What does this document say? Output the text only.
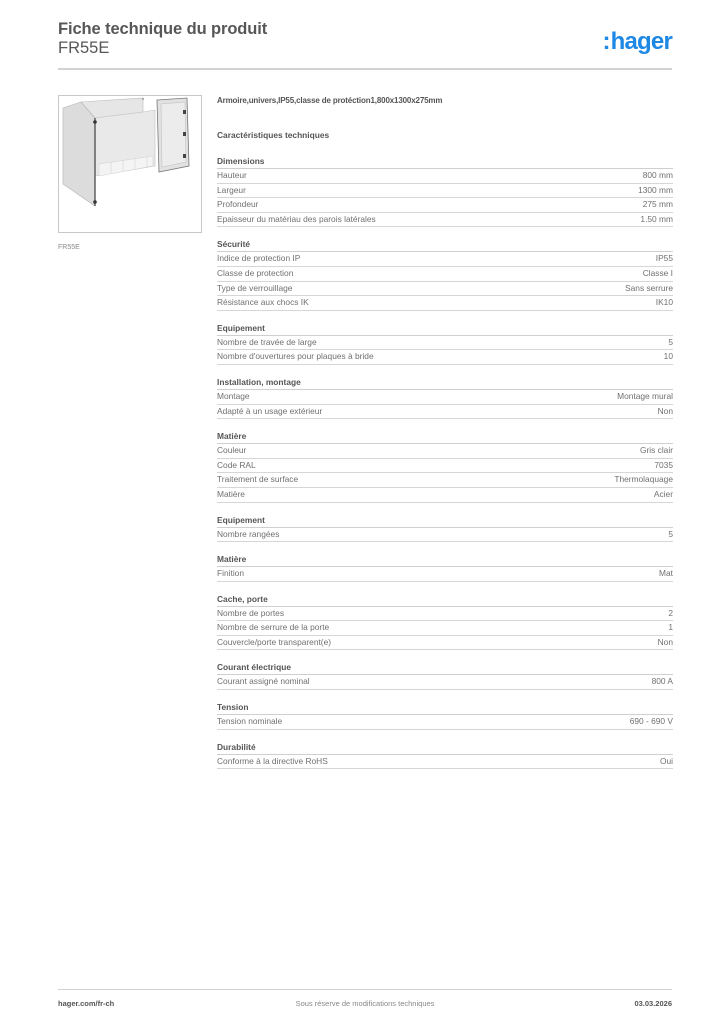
Fiche technique du produit
FR55E	:hager
FR55E
Armoire,univers,IP55,classe de protéction1,800x1300x275mm
Caractéristiques techniques
Dimensions
Hauteur	800 mm
Largeur	1300 mm
Profondeur	275 mm
Epaisseur du matériau des parois latérales	1.50 mm
Sécurité
Indice de protection IP	IP55
Classe de protection	Classe I
Type de verrouillage	Sans serrure
Résistance aux chocs IK	IK10
Equipement
Nombre de travée de large	5
Nombre d'ouvertures pour plaques à bride	10
Installation, montage
Montage	Montage mural
Adapté à un usage extérieur	Non
Matière
Couleur	Gris clair
Code RAL	7035
Traitement de surface	Thermolaquage
Matière	Acier
Equipement
Nombre rangées	5
Matière
Finition	Mat
Cache, porte
Nombre de portes	2
Nombre de serrure de la porte	1
Couvercle/porte transparent(e)	Non
Courant électrique
Courant assigné nominal	800 A
Tension
Tension nominale	690 - 690 V
Durabilité
Conforme à la directive RoHS	Oui
hager.com/fr-ch	Sous réserve de modifications techniques	03.03.2026
